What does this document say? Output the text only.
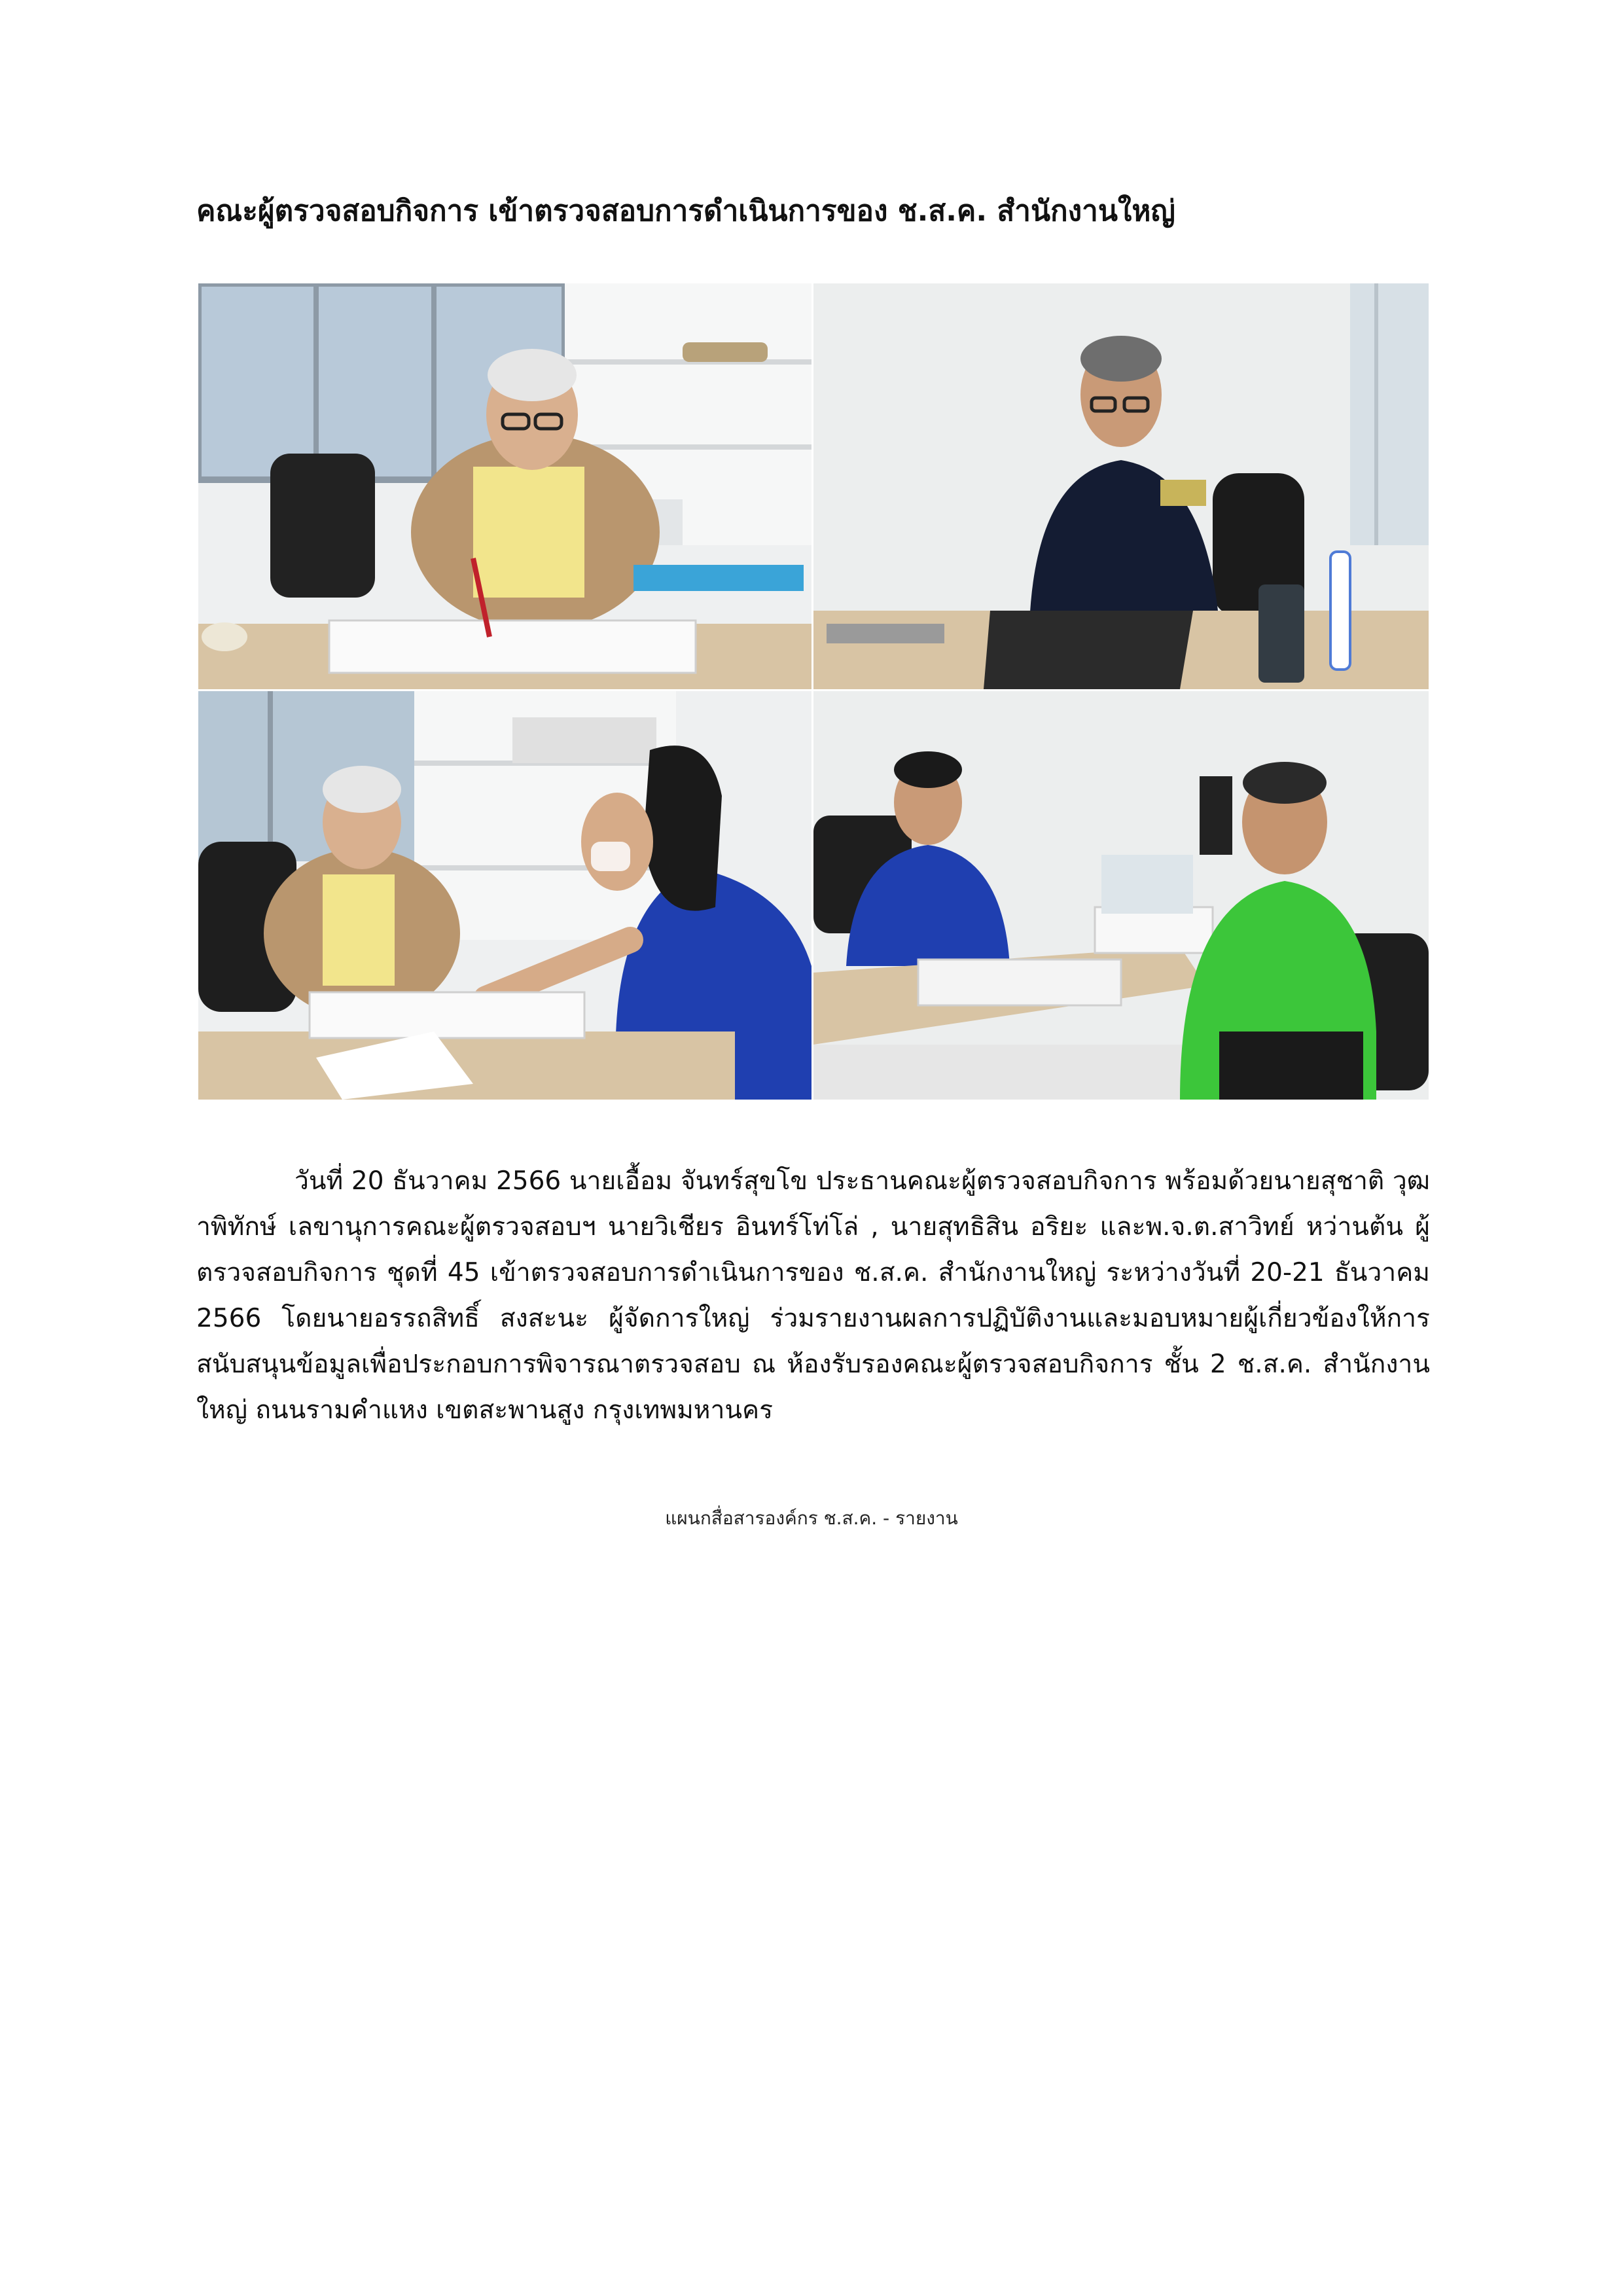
คณะผู้ตรวจสอบกิจการ เข้าตรวจสอบการดำเนินการของ ช.ส.ค. สำนักงานใหญ่

วันที่ 20 ธันวาคม 2566 นายเอื้อม จันทร์สุขโข ประธานคณะผู้ตรวจสอบกิจการ พร้อมด้วยนายสุชาติ วุฒาพิทักษ์ เลขานุการคณะผู้ตรวจสอบฯ นายวิเชียร อินทร์โท่โล่ , นายสุทธิสิน อริยะ และพ.จ.ต.สาวิทย์ หว่านต้น ผู้ตรวจสอบกิจการ ชุดที่ 45 เข้าตรวจสอบการดำเนินการของ ช.ส.ค. สำนักงานใหญ่ ระหว่างวันที่ 20-21 ธันวาคม 2566 โดยนายอรรถสิทธิ์ สงสะนะ ผู้จัดการใหญ่ ร่วมรายงานผลการปฏิบัติงานและมอบหมายผู้เกี่ยวข้องให้การสนับสนุนข้อมูลเพื่อประกอบการพิจารณาตรวจสอบ ณ ห้องรับรองคณะผู้ตรวจสอบกิจการ ชั้น 2 ช.ส.ค. สำนักงานใหญ่ ถนนรามคำแหง เขตสะพานสูง กรุงเทพมหานคร

แผนกสื่อสารองค์กร ช.ส.ค. - รายงาน
